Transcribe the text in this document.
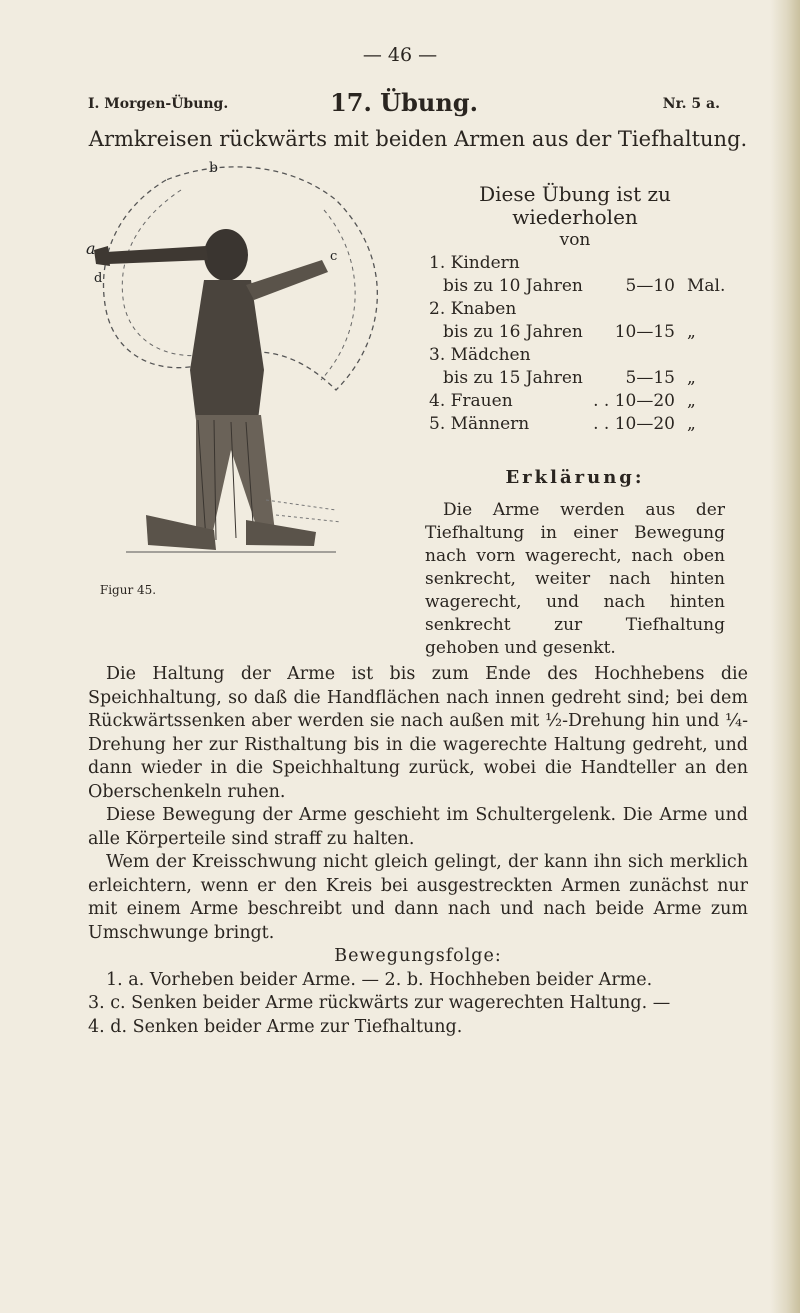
— 46 —
I. Morgen-Übung.	17. Übung.	Nr. 5 a.
Armkreisen rückwärts mit beiden Armen aus der Tiefhaltung.
b
a	c
d
Figur 45.
Diese Übung ist zu wiederholen
von
1. Kindern
bis zu 10 Jahren	5—10 Mal.
2. Knaben
bis zu 16 Jahren	10—15 „
3. Mädchen
bis zu 15 Jahren	5—15 „
4. Frauen	. . 10—20 „
5. Männern	. . 10—20 „
Erklärung:
Die Arme werden aus der Tiefhaltung in einer Bewegung nach vorn wagerecht, nach oben senkrecht, weiter nach hinten wagerecht, und nach hinten senkrecht zur Tiefhaltung gehoben und gesenkt.

Die Haltung der Arme ist bis zum Ende des Hochhebens die Speichhaltung, so daß die Handflächen nach innen gedreht sind; bei dem Rückwärtssenken aber werden sie nach außen mit ½-Drehung hin und ¼-Drehung her zur Risthaltung bis in die wagerechte Haltung gedreht, und dann wieder in die Speichhaltung zurück, wobei die Handteller an den Oberschenkeln ruhen.

Diese Bewegung der Arme geschieht im Schultergelenk. Die Arme und alle Körperteile sind straff zu halten.

Wem der Kreisschwung nicht gleich gelingt, der kann ihn sich merklich erleichtern, wenn er den Kreis bei ausgestreckten Armen zunächst nur mit einem Arme beschreibt und dann nach und nach beide Arme zum Umschwunge bringt.

Bewegungsfolge:

1. a. Vorheben beider Arme. — 2. b. Hochheben beider Arme.

3. c. Senken beider Arme rückwärts zur wagerechten Haltung. —
4. d. Senken beider Arme zur Tiefhaltung.
